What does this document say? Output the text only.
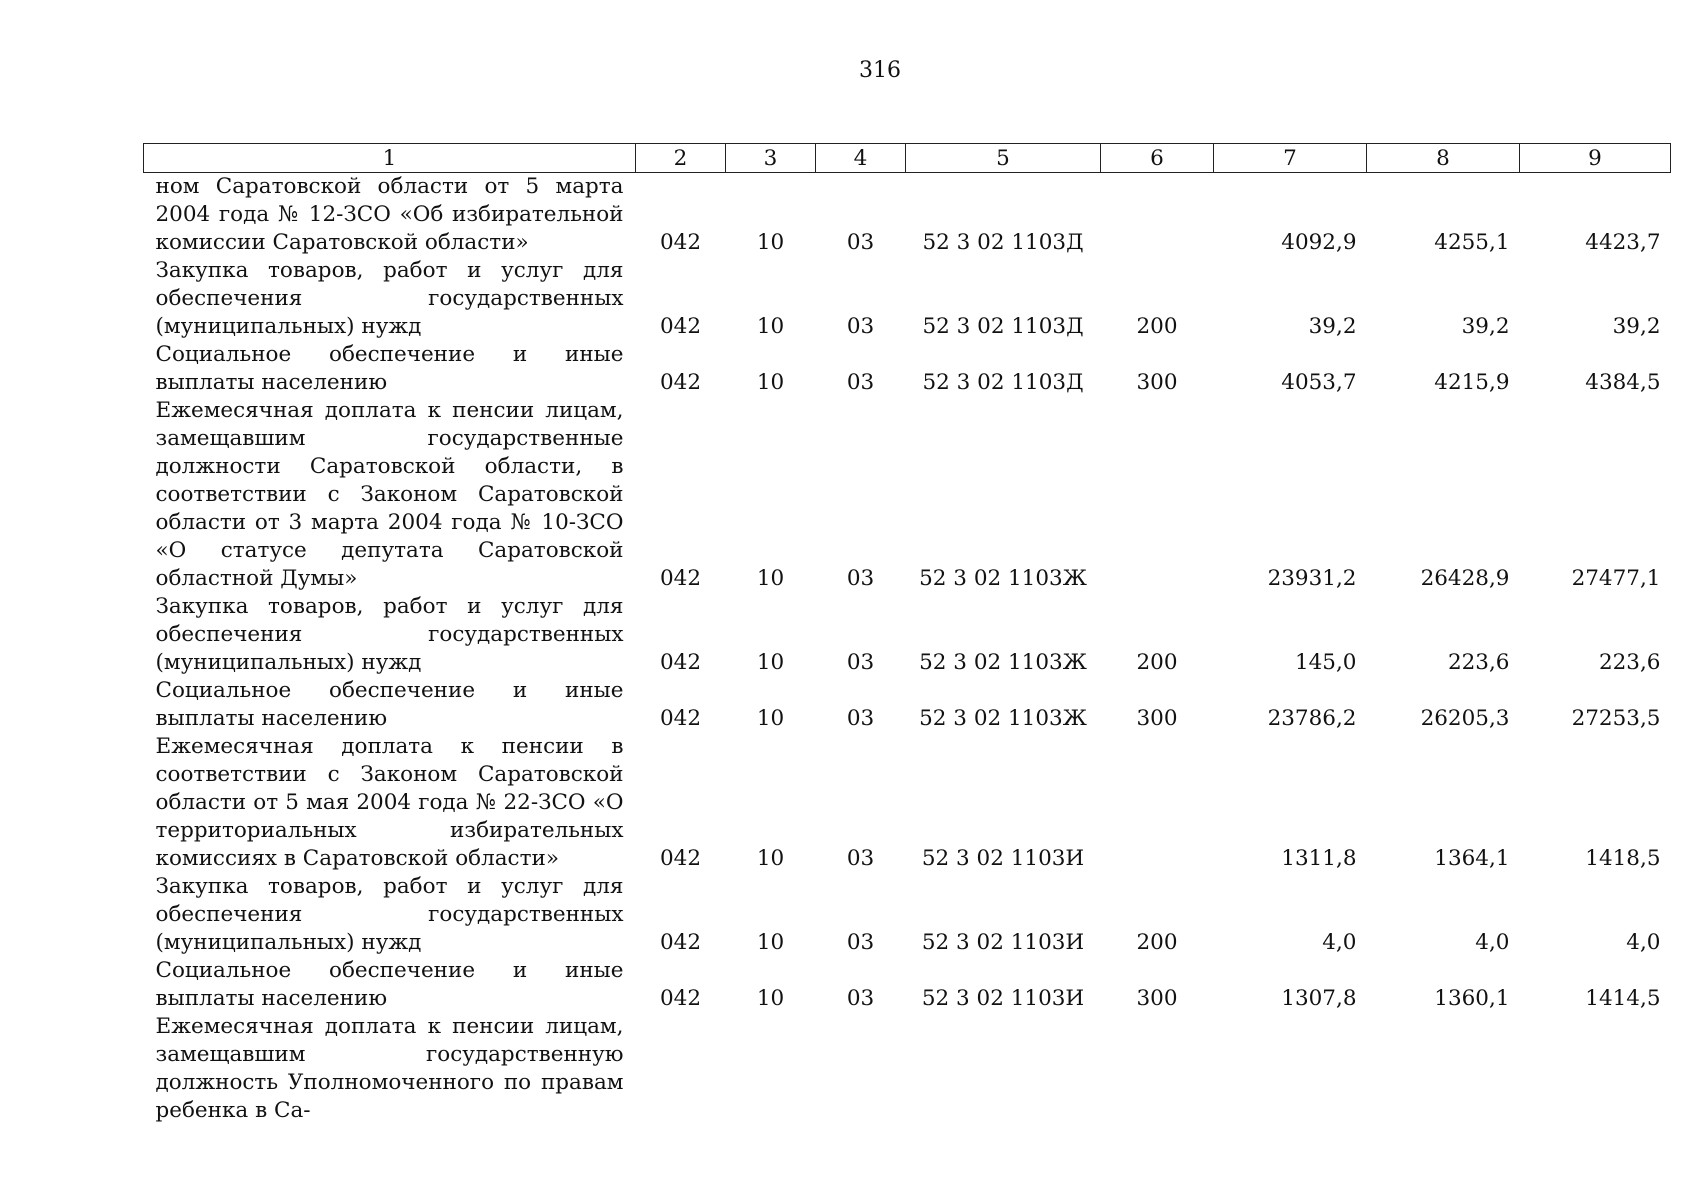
316
1	2	3	4	5	6	7	8	9
ном Саратовской области от 5 марта 2004 года № 12-ЗСО «Об избирательной комиссии Саратовской области»	042	10	03	52 3 02 1103Д		4092,9	4255,1	4423,7
Закупка товаров, работ и услуг для обеспечения государственных (муниципальных) нужд	042	10	03	52 3 02 1103Д	200	39,2	39,2	39,2
Социальное обеспечение и иные выплаты населению	042	10	03	52 3 02 1103Д	300	4053,7	4215,9	4384,5
Ежемесячная доплата к пенсии лицам, замещавшим государственные должности Саратовской области, в соответствии с Законом Саратовской области от 3 марта 2004 года № 10-ЗСО «О статусе депутата Саратовской областной Думы»	042	10	03	52 3 02 1103Ж		23931,2	26428,9	27477,1
Закупка товаров, работ и услуг для обеспечения государственных (муниципальных) нужд	042	10	03	52 3 02 1103Ж	200	145,0	223,6	223,6
Социальное обеспечение и иные выплаты населению	042	10	03	52 3 02 1103Ж	300	23786,2	26205,3	27253,5
Ежемесячная доплата к пенсии в соответствии с Законом Саратовской области от 5 мая 2004 года № 22-ЗСО «О территориальных избирательных комиссиях в Саратовской области»	042	10	03	52 3 02 1103И		1311,8	1364,1	1418,5
Закупка товаров, работ и услуг для обеспечения государственных (муниципальных) нужд	042	10	03	52 3 02 1103И	200	4,0	4,0	4,0
Социальное обеспечение и иные выплаты населению	042	10	03	52 3 02 1103И	300	1307,8	1360,1	1414,5
Ежемесячная доплата к пенсии лицам, замещавшим государственную должность Уполномоченного по правам ребенка в Са-								
